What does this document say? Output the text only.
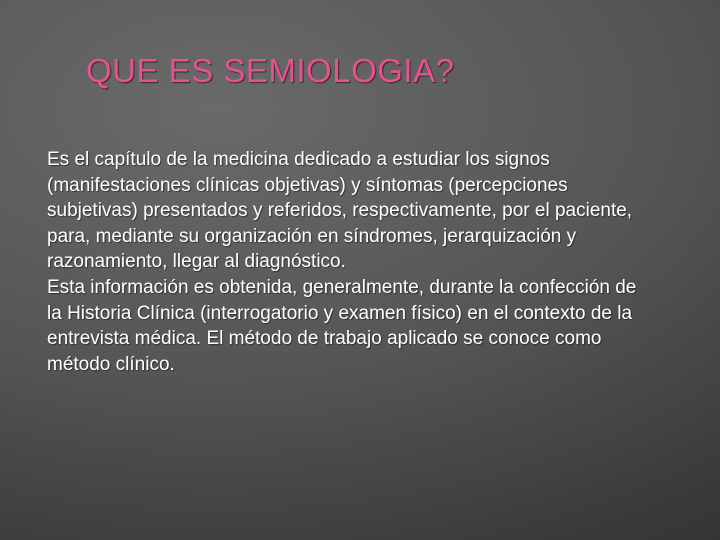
QUE ES SEMIOLOGIA?

Es el capítulo de la medicina dedicado a estudiar los signos (manifestaciones clínicas objetivas) y síntomas (percepciones subjetivas) presentados y referidos, respectivamente, por el paciente, para, mediante su organización en síndromes, jerarquización y razonamiento, llegar al diagnóstico.

Esta información es obtenida, generalmente, durante la confección de la Historia Clínica (interrogatorio y examen físico) en el contexto de la entrevista médica. El método de trabajo aplicado se conoce como método clínico.
